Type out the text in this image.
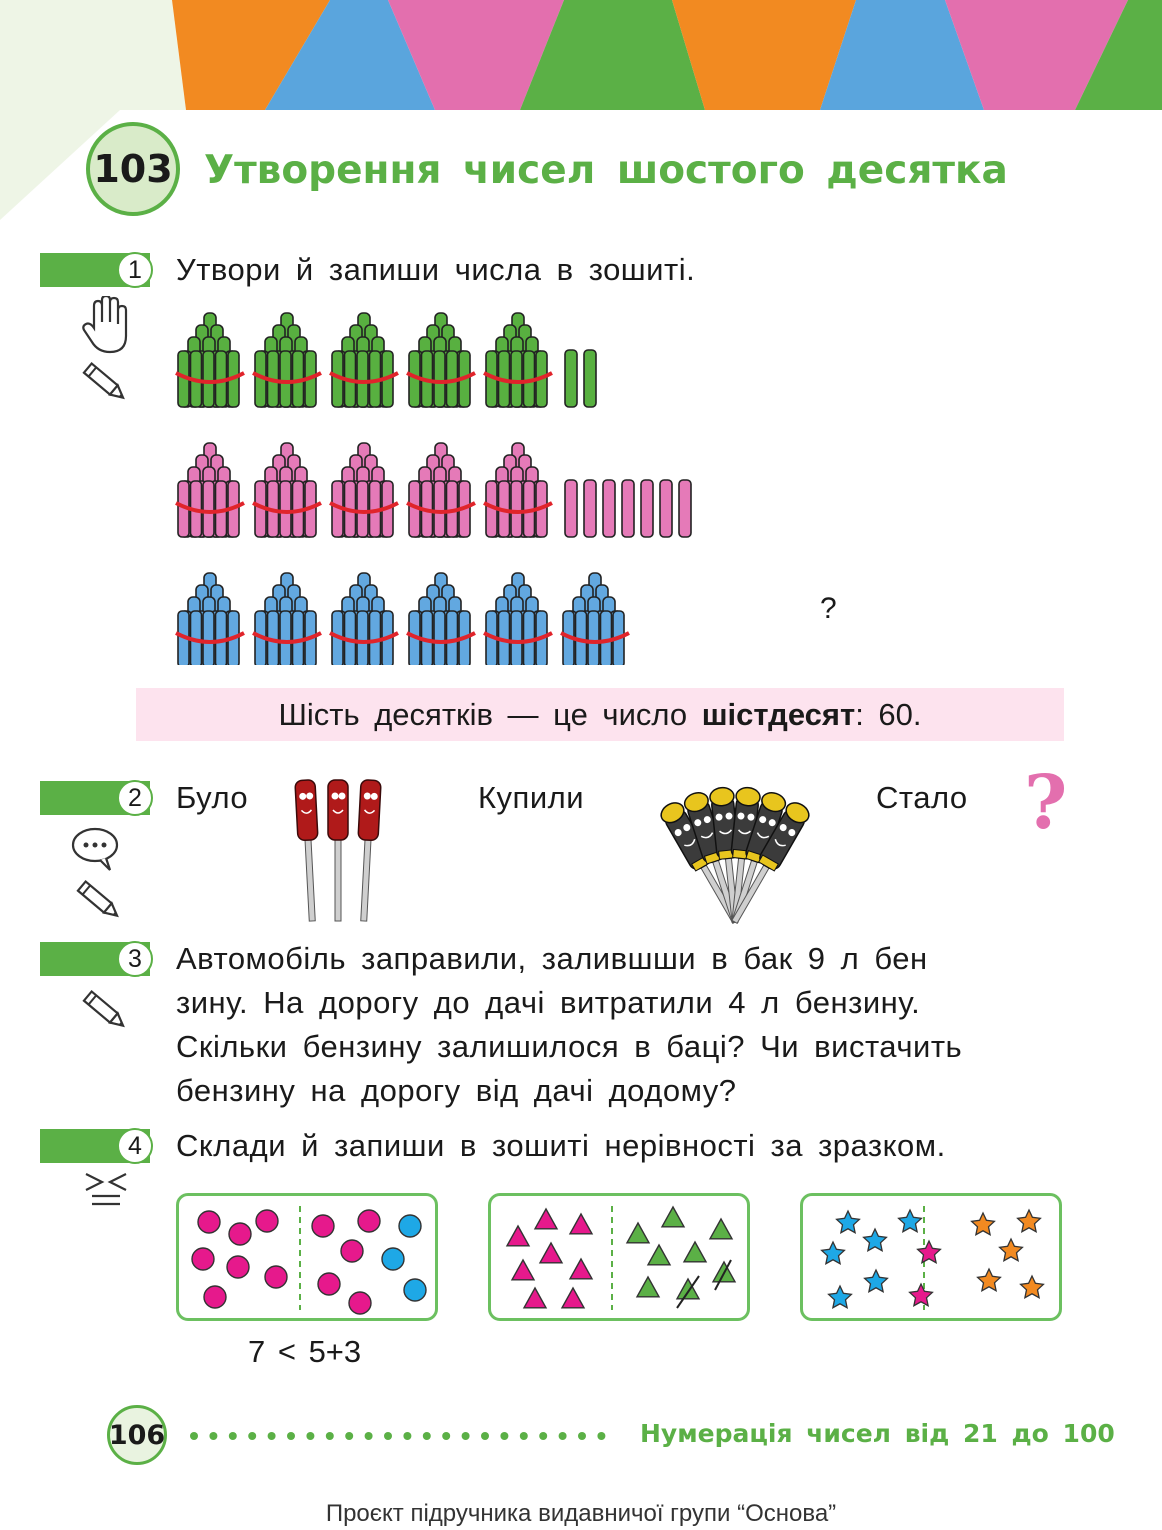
103 Утворення чисел шостого десятка
1	Утвори й запиши числа в зошиті.
?
Шість десятків — це число шістдесят: 60.
2	Було	Купили	Стало ?
3	Автомобіль заправили, залившши в бак 9 л бен
зину. На дорогу до дачі витратили 4 л бензину.
Скільки бензину залишилося в баці? Чи вистачить
бензину на дорогу від дачі додому?
4	Склади й запиши в зошиті нерівності за зразком.
7 < 5+3
106	Нумерація чисел від 21 до 100
Проєкт підручника видавничої групи “Основа”
